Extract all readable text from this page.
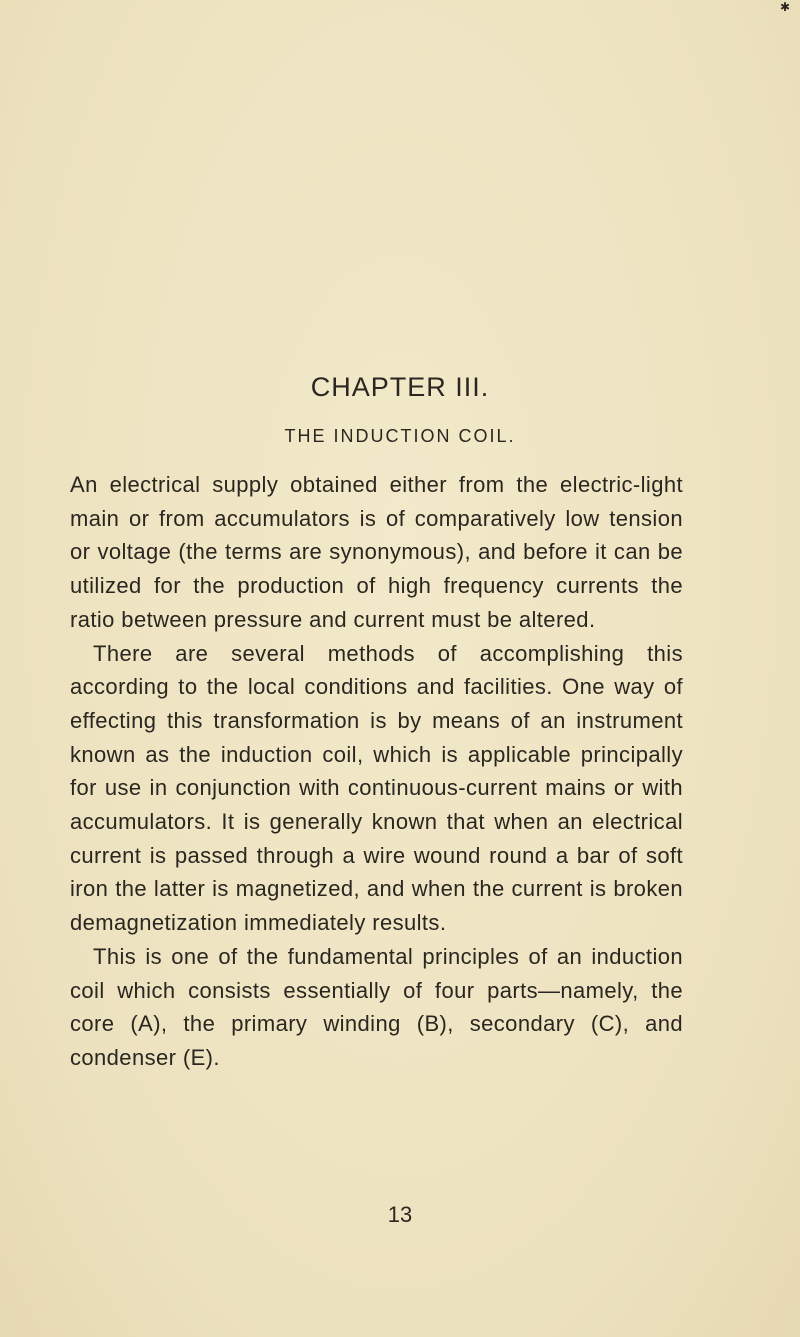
✱
CHAPTER III.
THE INDUCTION COIL.

An electrical supply obtained either from the electric-light main or from accumulators is of comparatively low tension or voltage (the terms are synonymous), and before it can be utilized for the production of high frequency currents the ratio between pressure and current must be altered.

There are several methods of accomplishing this according to the local conditions and facilities. One way of effecting this transformation is by means of an instrument known as the induction coil, which is applicable principally for use in conjunction with continuous-current mains or with accumulators. It is generally known that when an electrical current is passed through a wire wound round a bar of soft iron the latter is magnetized, and when the current is broken demagnetization immediately results.

This is one of the fundamental principles of an induction coil which consists essentially of four parts—namely, the core (A), the primary winding (B), secondary (C), and condenser (E).

13
